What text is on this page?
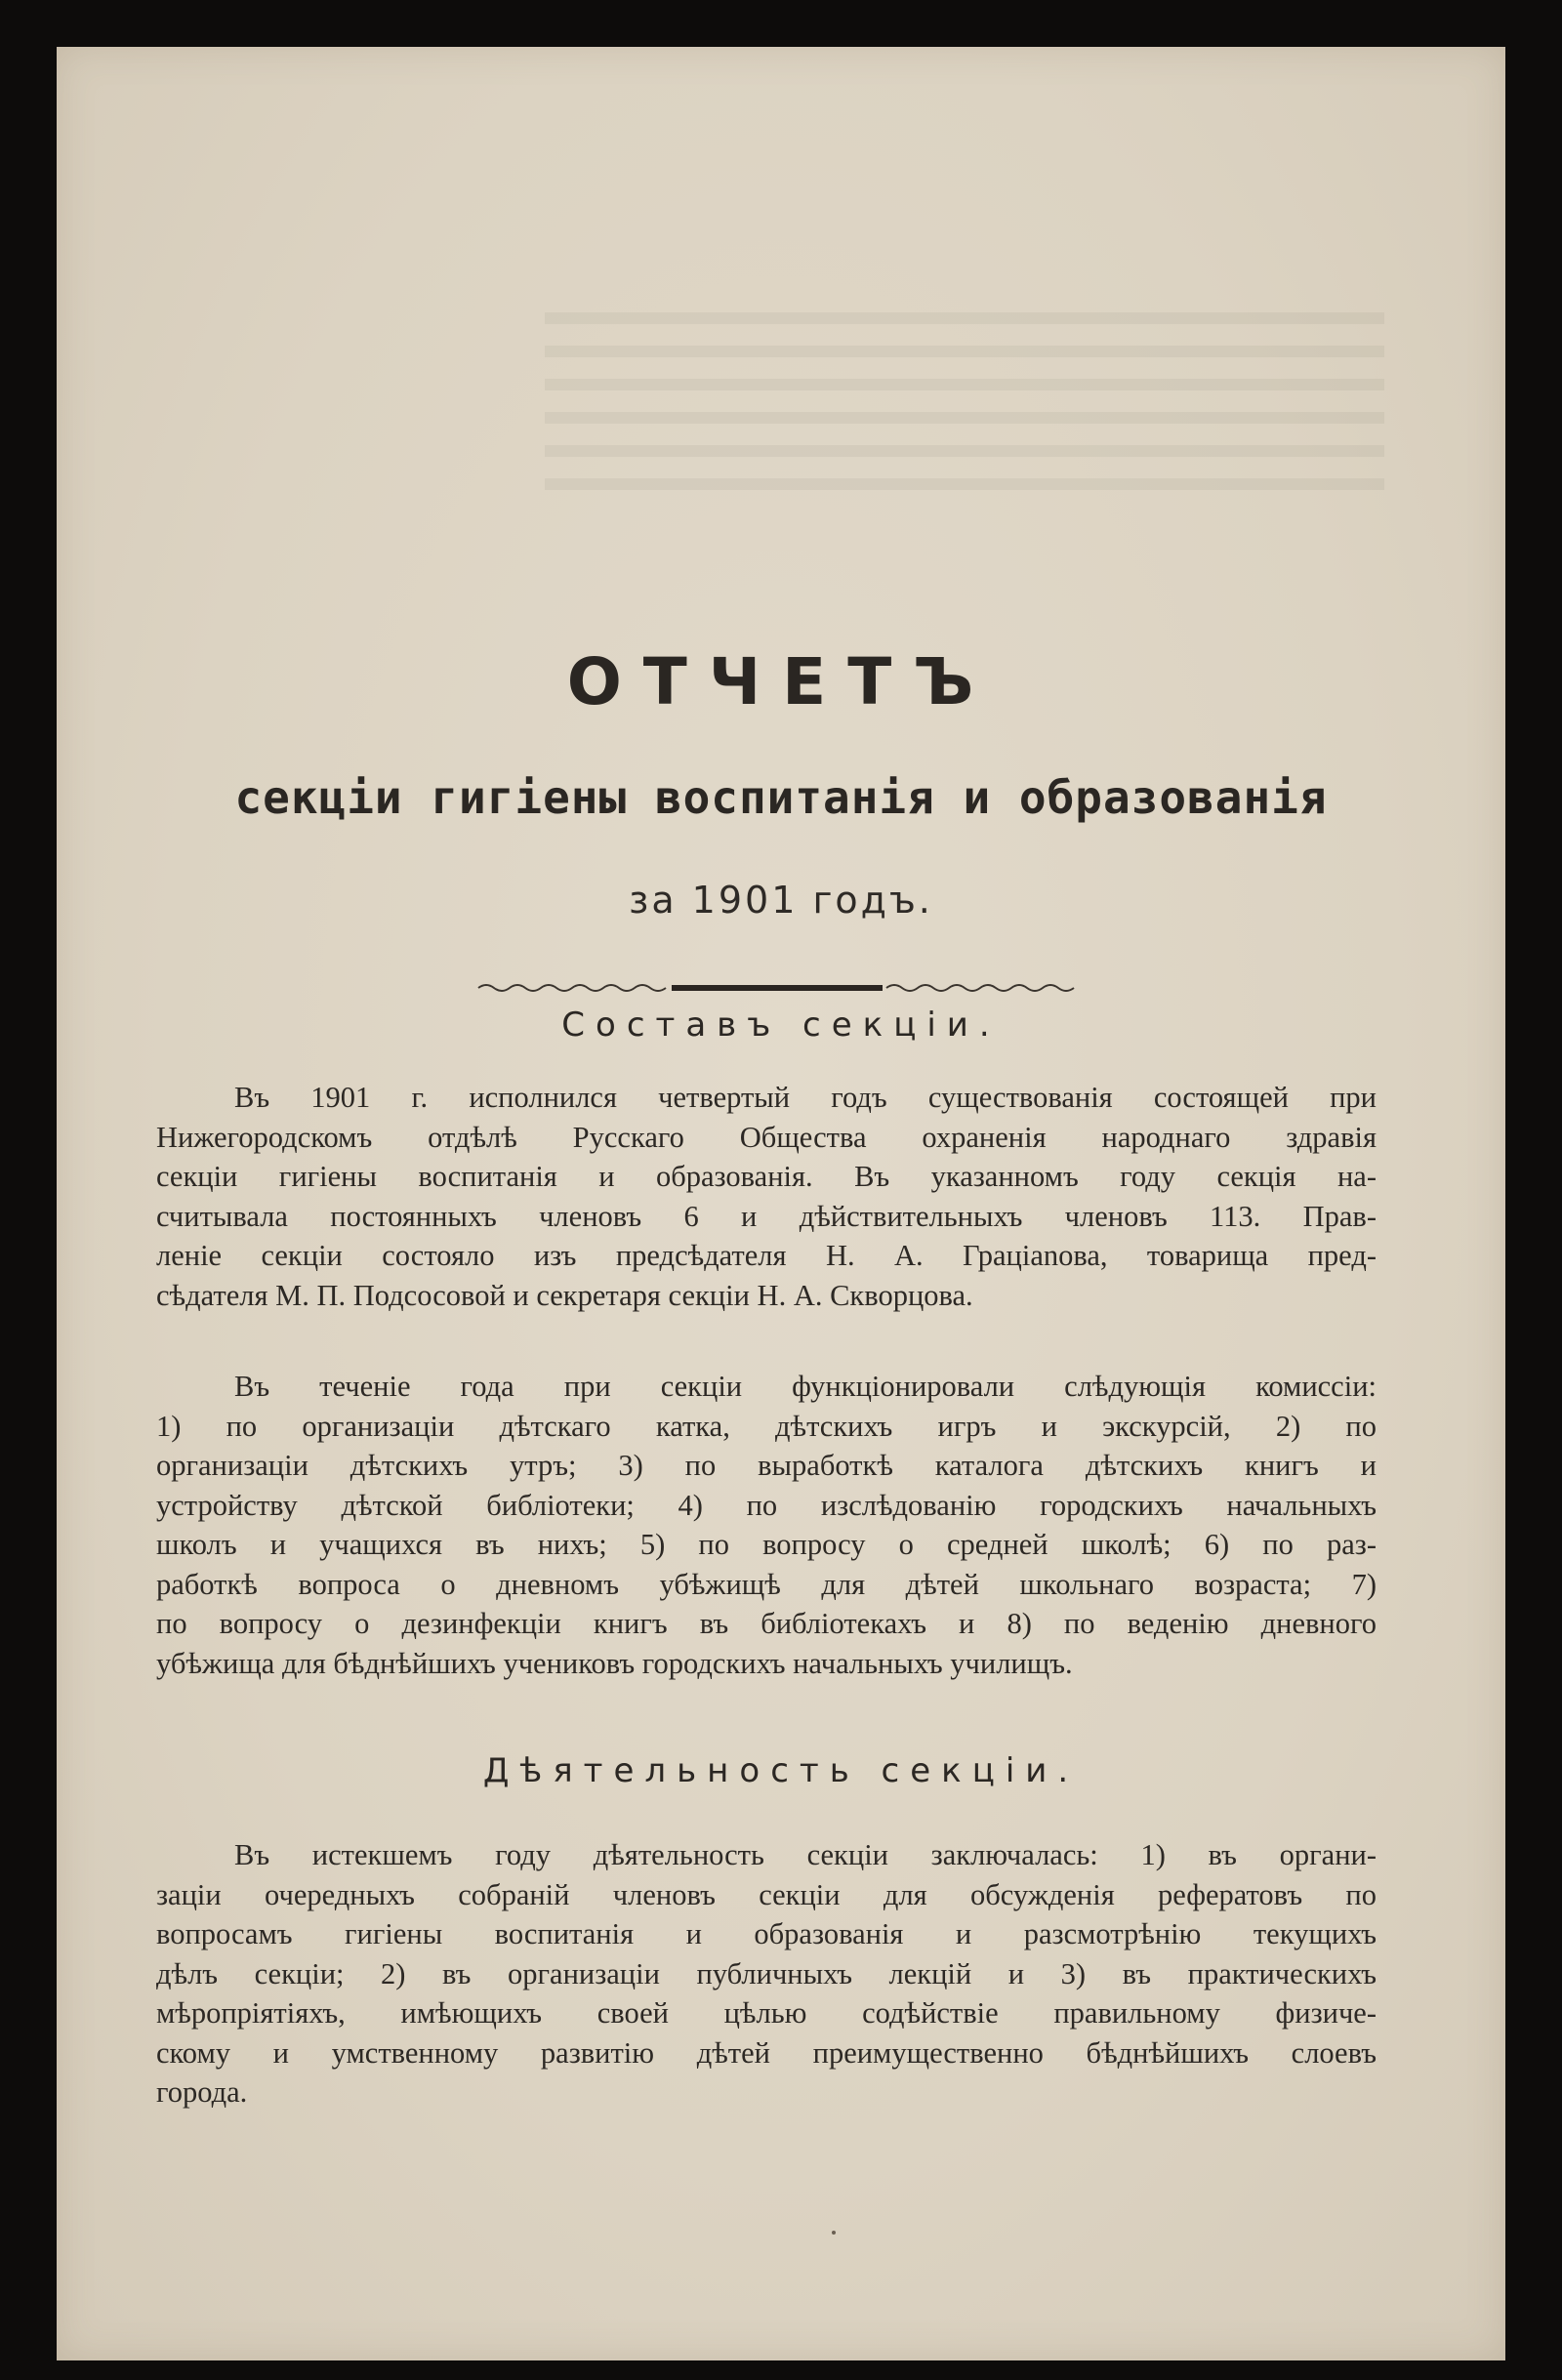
ОТЧЕТЪ
секціи гигіены воспитанія и образованія
за 1901 годъ.
Составъ секціи.
Въ 1901 г. исполнился четвертый годъ существованія состоящей при
Нижегородскомъ отдѣлѣ Русскаго Общества охраненія народнаго здравія
секціи гигіены воспитанія и образованія. Въ указанномъ году секція на-
считывала постоянныхъ членовъ 6 и дѣйствительныхъ членовъ 113. Прав-
леніе секціи состояло изъ предсѣдателя Н. А. Грацianова, товарища пред-
сѣдателя М. П. Подсосовой и секретаря секціи Н. А. Скворцова.
Въ теченіе года при секціи функціонировали слѣдующія комиссіи:
1) по организаціи дѣтскаго катка, дѣтскихъ игръ и экскурсій, 2) по
организаціи дѣтскихъ утръ; 3) по выработкѣ каталога дѣтскихъ книгъ и
устройству дѣтской библіотеки; 4) по изслѣдованію городскихъ начальныхъ
школъ и учащихся въ нихъ; 5) по вопросу о средней школѣ; 6) по раз-
работкѣ вопроса о дневномъ убѣжищѣ для дѣтей школьнаго возраста; 7)
по вопросу о дезинфекціи книгъ въ библіотекахъ и 8) по веденію дневного
убѣжища для бѣднѣйшихъ учениковъ городскихъ начальныхъ училищъ.
Дѣятельность секціи.
Въ истекшемъ году дѣятельность секціи заключалась: 1) въ органи-
заціи очередныхъ собраній членовъ секціи для обсужденія рефератовъ по
вопросамъ гигіены воспитанія и образованія и разсмотрѣнію текущихъ
дѣлъ секціи; 2) въ организаціи публичныхъ лекцій и 3) въ практическихъ
мѣропріятіяхъ, имѣющихъ своей цѣлью содѣйствіе правильному физиче-
скому и умственному развитію дѣтей преимущественно бѣднѣйшихъ слоевъ
города.
